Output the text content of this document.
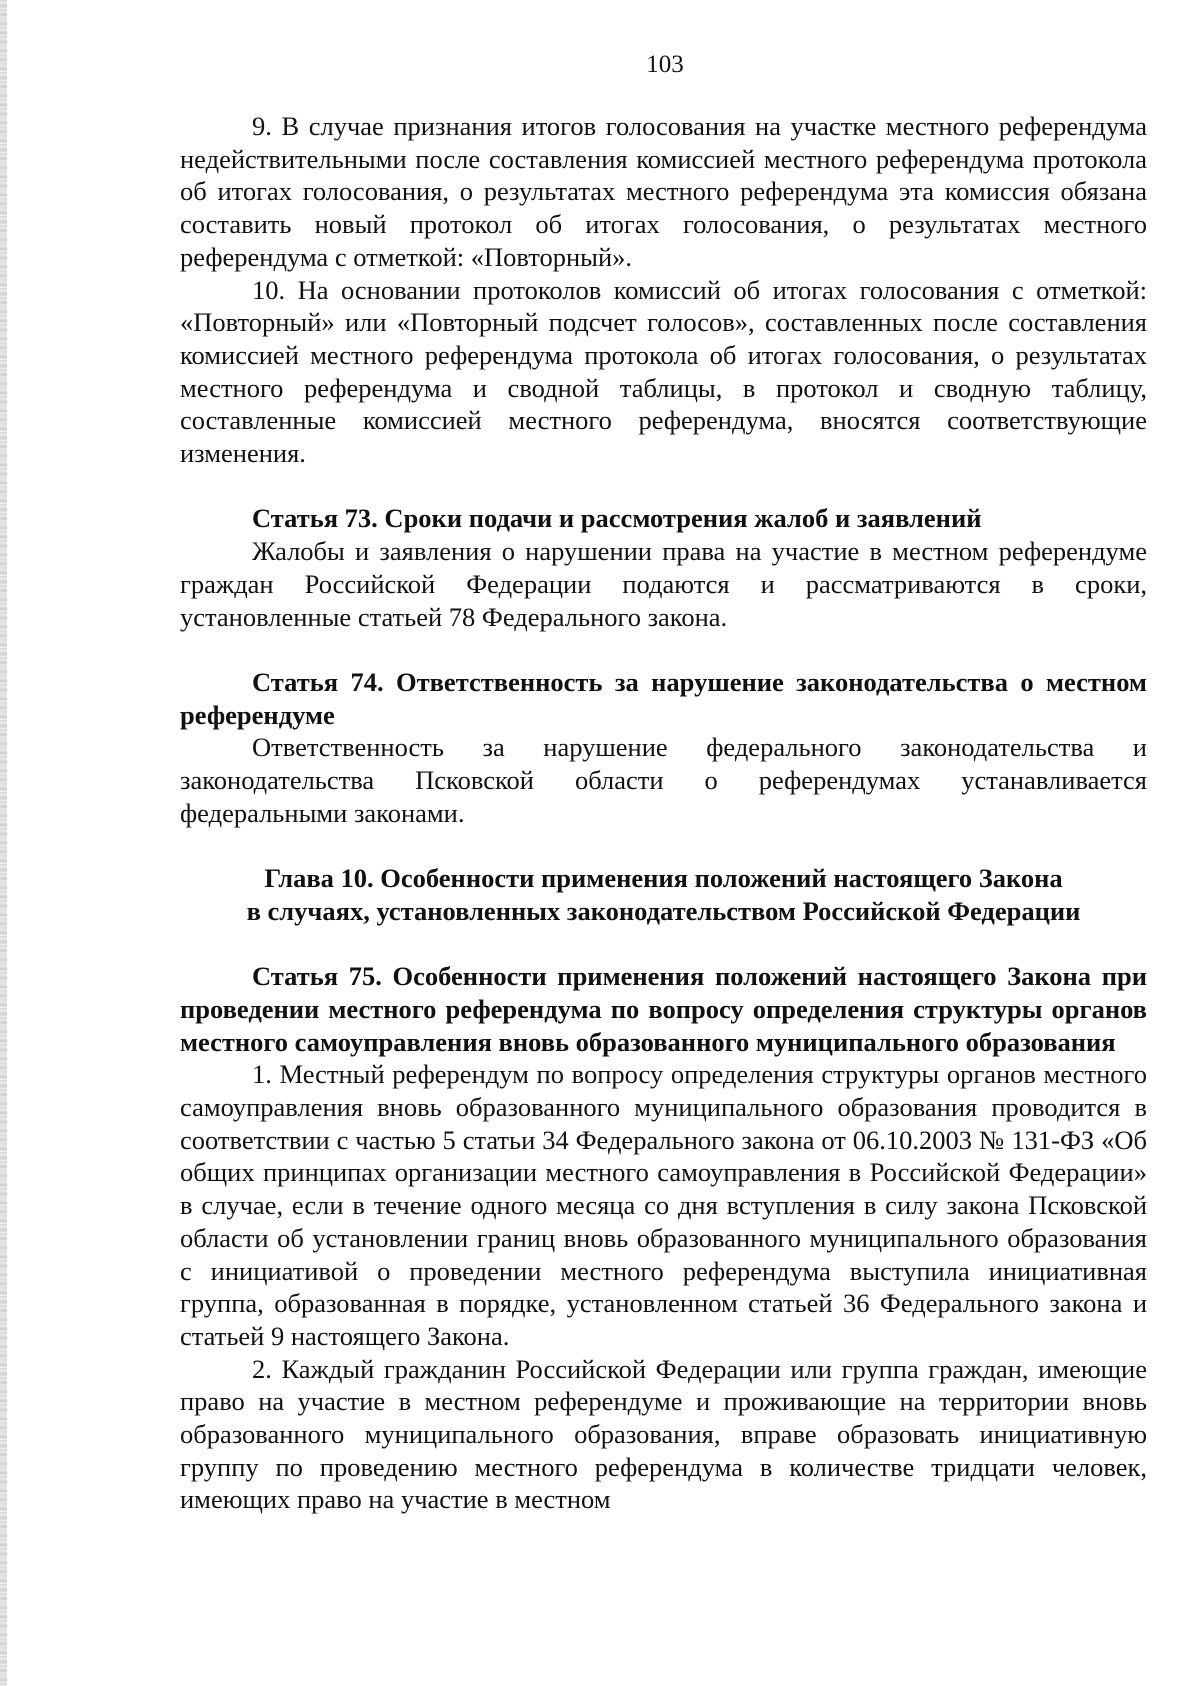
103

9. В случае признания итогов голосования на участке местного референдума недействительными после составления комиссией местного референдума протокола об итогах голосования, о результатах местного референдума эта комиссия обязана составить новый протокол об итогах голосования, о результатах местного референдума с отметкой: «Повторный».

10. На основании протоколов комиссий об итогах голосования с отметкой: «Повторный» или «Повторный подсчет голосов», составленных после составления комиссией местного референдума протокола об итогах голосования, о результатах местного референдума и сводной таблицы, в протокол и сводную таблицу, составленные комиссией местного референдума, вносятся соответствующие изменения.

Статья 73. Сроки подачи и рассмотрения жалоб и заявлений

Жалобы и заявления о нарушении права на участие в местном референдуме граждан Российской Федерации подаются и рассматриваются в сроки, установленные статьей 78 Федерального закона.

Статья 74. Ответственность за нарушение законодательства о местном референдуме

Ответственность за нарушение федерального законодательства и законодательства Псковской области о референдумах устанавливается федеральными законами.

Глава 10. Особенности применения положений настоящего Закона
в случаях, установленных законодательством Российской Федерации

Статья 75. Особенности применения положений настоящего Закона при проведении местного референдума по вопросу определения структуры органов местного самоуправления вновь образованного муниципального образования

1. Местный референдум по вопросу определения структуры органов местного самоуправления вновь образованного муниципального образования проводится в соответствии с частью 5 статьи 34 Федерального закона от 06.10.2003 № 131-ФЗ «Об общих принципах организации местного самоуправления в Российской Федерации» в случае, если в течение одного месяца со дня вступления в силу закона Псковской области об установлении границ вновь образованного муниципального образования с инициативой о проведении местного референдума выступила инициативная группа, образованная в порядке, установленном статьей 36 Федерального закона и статьей 9 настоящего Закона.

2. Каждый гражданин Российской Федерации или группа граждан, имеющие право на участие в местном референдуме и проживающие на территории вновь образованного муниципального образования, вправе образовать инициативную группу по проведению местного референдума в количестве тридцати человек, имеющих право на участие в местном
